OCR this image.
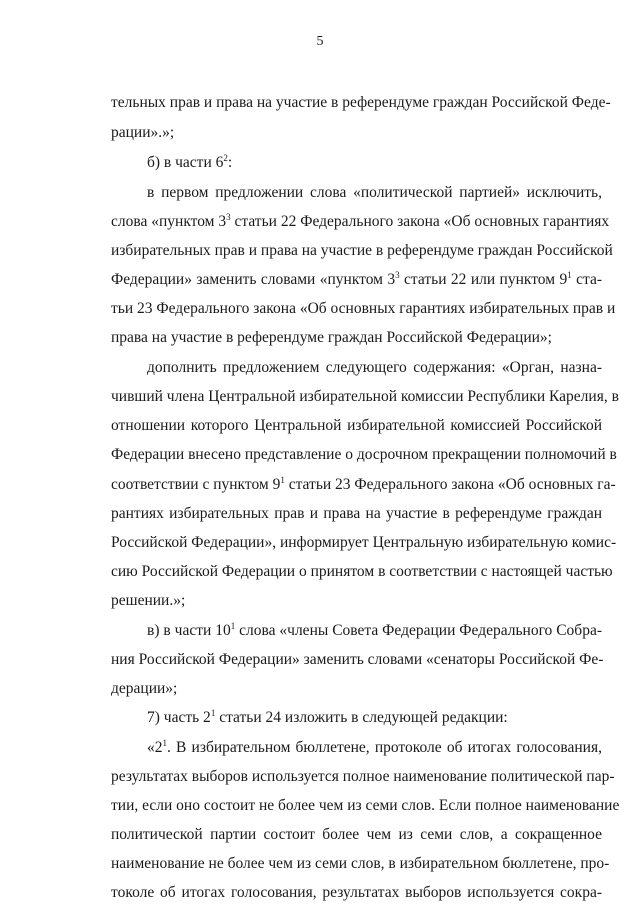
5
тельных прав и права на участие в референдуме граждан Российской Феде-
рации».»;
б) в части $6^2$:
в первом предложении слова «политической партией» исключить,
слова «пунктом $3^3$ статьи 22 Федерального закона «Об основных гарантиях
избирательных прав и права на участие в референдуме граждан Российской
Федерации» заменить словами «пунктом $3^3$ статьи 22 или пунктом $9^1$ ста-
тьи 23 Федерального закона «Об основных гарантиях избирательных прав и
права на участие в референдуме граждан Российской Федерации»;
дополнить предложением следующего содержания: «Орган, назна-
чивший члена Центральной избирательной комиссии Республики Карелия, в
отношении которого Центральной избирательной комиссией Российской
Федерации внесено представление о досрочном прекращении полномочий в
соответствии с пунктом $9^1$ статьи 23 Федерального закона «Об основных га-
рантиях избирательных прав и права на участие в референдуме граждан
Российской Федерации», информирует Центральную избирательную комис-
сию Российской Федерации о принятом в соответствии с настоящей частью
решении.»;
в) в части $10^1$ слова «члены Совета Федерации Федерального Собра-
ния Российской Федерации» заменить словами «сенаторы Российской Фе-
дерации»;
7) часть $2^1$ статьи 24 изложить в следующей редакции:
«$2^1$. В избирательном бюллетене, протоколе об итогах голосования,
результатах выборов используется полное наименование политической пар-
тии, если оно состоит не более чем из семи слов. Если полное наименование
политической партии состоит более чем из семи слов, а сокращенное
наименование не более чем из семи слов, в избирательном бюллетене, про-
токоле об итогах голосования, результатах выборов используется сокра-
